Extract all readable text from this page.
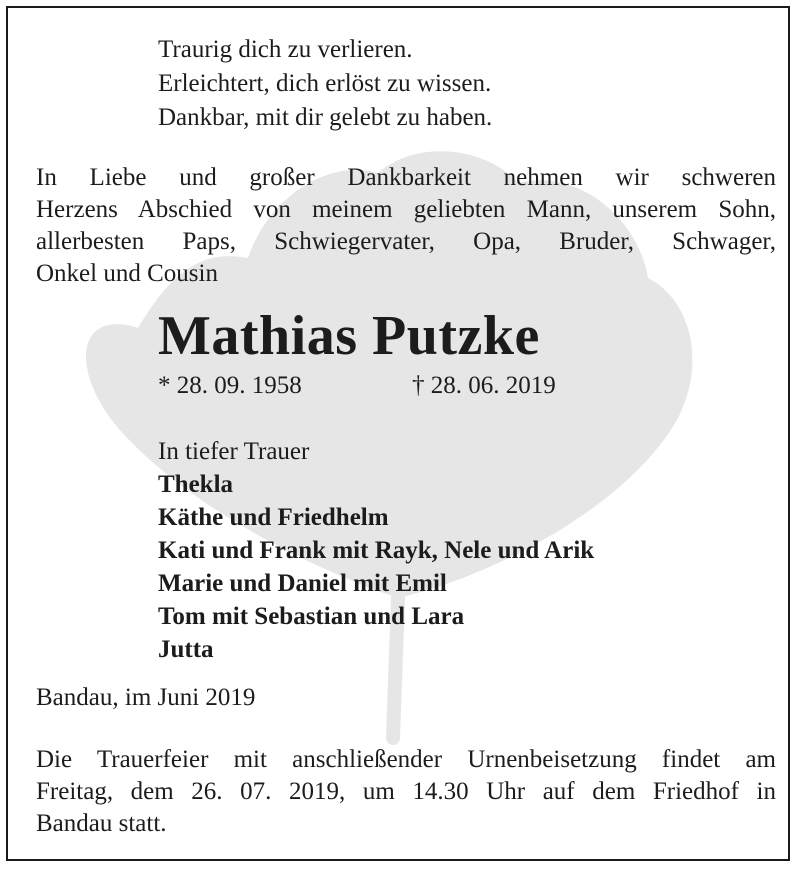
Traurig dich zu verlieren.
Erleichtert, dich erlöst zu wissen.
Dankbar, mit dir gelebt zu haben.
In Liebe und großer Dankbarkeit nehmen wir schweren
Herzens Abschied von meinem geliebten Mann, unserem Sohn,
allerbesten Paps, Schwiegervater, Opa, Bruder, Schwager,
Onkel und Cousin
Mathias Putzke
* 28. 09. 1958	† 28. 06. 2019
In tiefer Trauer
Thekla
Käthe und Friedhelm
Kati und Frank mit Rayk, Nele und Arik
Marie und Daniel mit Emil
Tom mit Sebastian und Lara
Jutta
Bandau, im Juni 2019
Die Trauerfeier mit anschließender Urnenbeisetzung findet am
Freitag, dem 26. 07. 2019, um 14.30 Uhr auf dem Friedhof in
Bandau statt.
